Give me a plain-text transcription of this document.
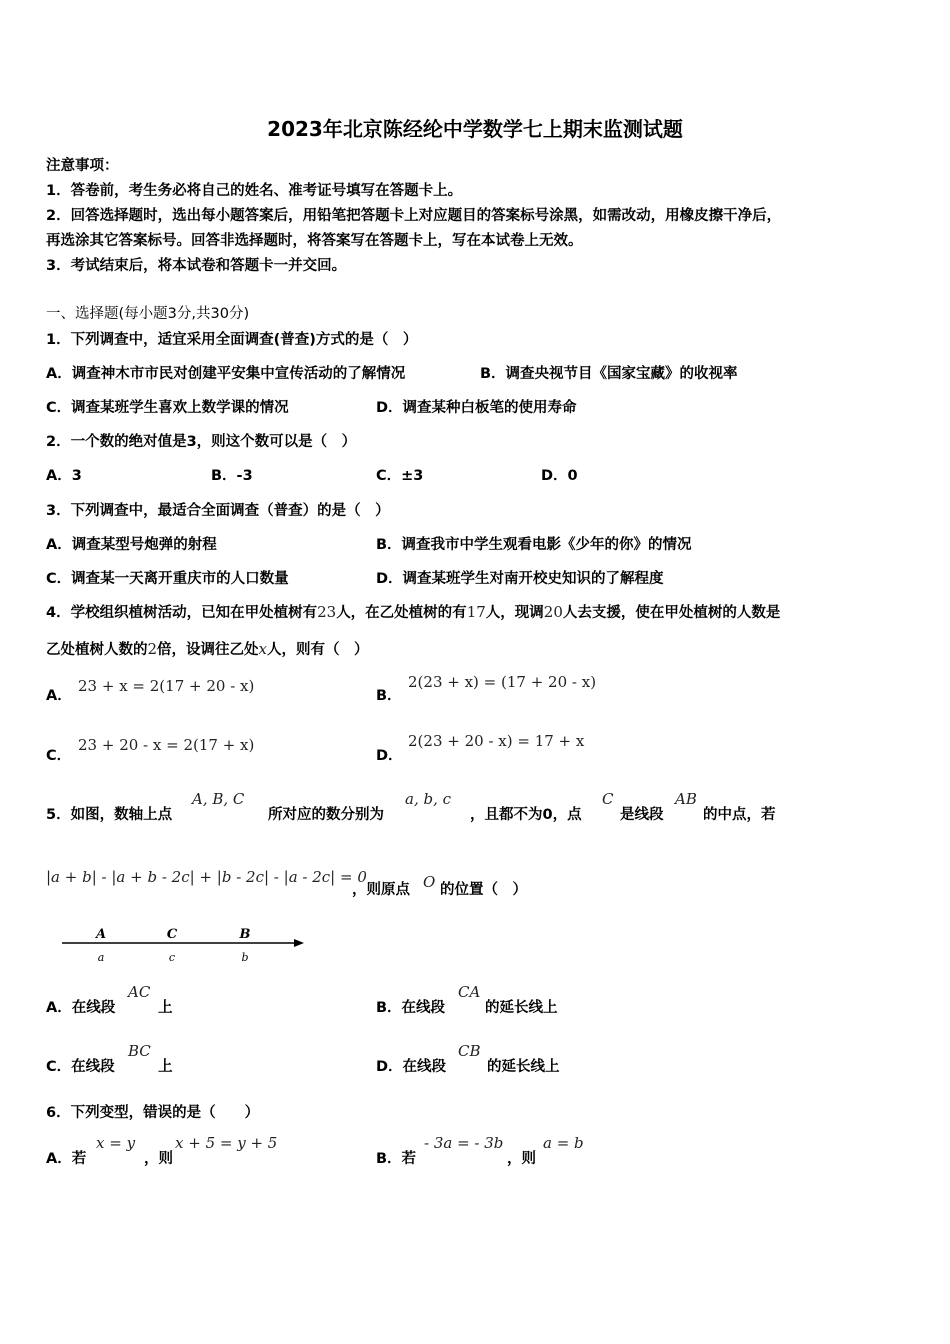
2023年北京陈经纶中学数学七上期末监测试题
注意事项：
1．答卷前，考生务必将自己的姓名、准考证号填写在答题卡上。
2．回答选择题时，选出每小题答案后，用铅笔把答题卡上对应题目的答案标号涂黑，如需改动，用橡皮擦干净后，
再选涂其它答案标号。回答非选择题时，将答案写在答题卡上，写在本试卷上无效。
3．考试结束后，将本试卷和答题卡一并交回。
一、选择题(每小题3分,共30分)
1．下列调查中，适宜采用全面调查(普查)方式的是（　）
A．调查神木市市民对创建平安集中宣传活动的了解情况	B．调查央视节目《国家宝藏》的收视率
C．调查某班学生喜欢上数学课的情况	D．调查某种白板笔的使用寿命
2．一个数的绝对值是3，则这个数可以是（　）
A．3	B．-3	C．±3	D．0
3．下列调查中，最适合全面调查（普查）的是（　）
A．调查某型号炮弹的射程	B．调查我市中学生观看电影《少年的你》的情况
C．调查某一天离开重庆市的人口数量	D．调查某班学生对南开校史知识的了解程度
4．学校组织植树活动，已知在甲处植树有23人，在乙处植树的有17人，现调20人去支援，使在甲处植树的人数是
乙处植树人数的2倍，设调往乙处x人，则有（　）
A．
23 + x = 2(17 + 20 - x)
B．
2(23 + x) = (17 + 20 - x)
C．
23 + 20 - x = 2(17 + x)
D．
2(23 + 20 - x) = 17 + x
5．如图，数轴上点
A, B, C
所对应的数分别为
a, b, c
，且都不为0，点
C
是线段
AB
的中点，若
|a + b| - |a + b - 2c| + |b - 2c| - |a - 2c| = 0
，则原点 O 的位置（　）
A	C	B
a	c	b
A．在线段
AC
上	B．在线段
CA
的延长线上
C．在线段
BC
上	D．在线段
CB
的延长线上
6．下列变型，错误的是（　　）
A．若
x = y
，则
x + 5 = y + 5
B．若
- 3a = - 3b
，则
a = b
